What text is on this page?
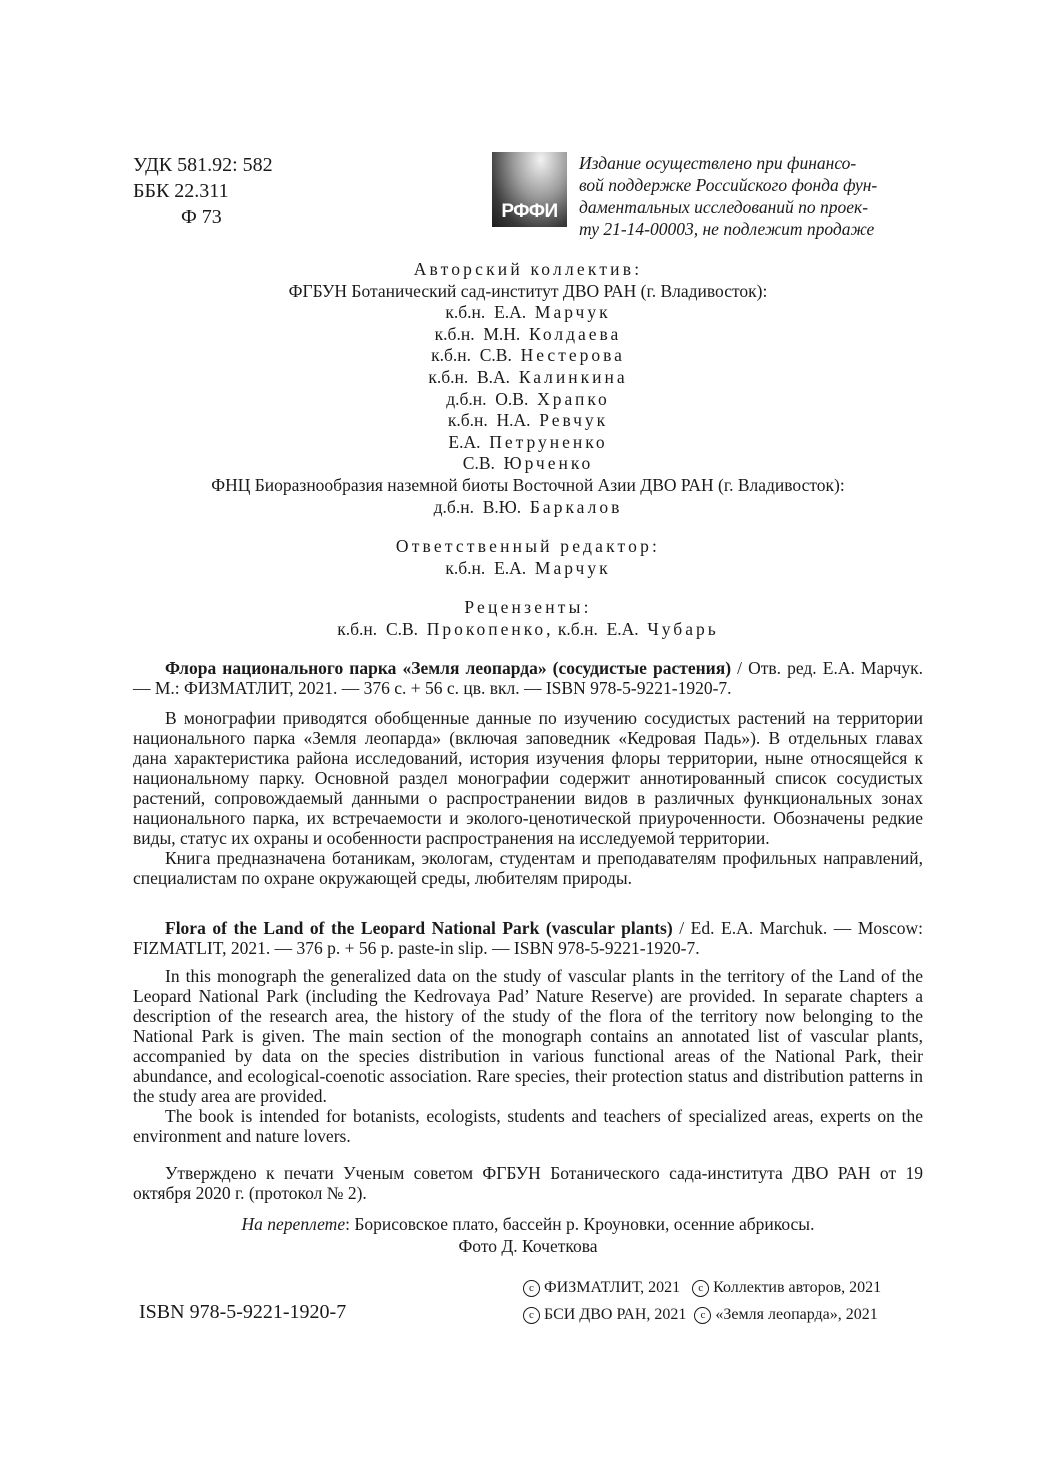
УДК 581.92: 582
ББК 22.311
Ф 73	РФФИ
Издание осуществлено при финансо-
вой поддержке Российского фонда фун-
даментальных исследований по проек-
ту 21-14-00003, не подлежит продаже
Авторский коллектив:
ФГБУН Ботанический сад-институт ДВО РАН (г. Владивосток):
к.б.н. Е.А. Марчук
к.б.н. М.Н. Колдаева
к.б.н. С.В. Нестерова
к.б.н. В.А. Калинкина
д.б.н. О.В. Храпко
к.б.н. Н.А. Ревчук
Е.А. Петруненко
С.В. Юрченко
ФНЦ Биоразнообразия наземной биоты Восточной Азии ДВО РАН (г. Владивосток):
д.б.н. В.Ю. Баркалов
Ответственный редактор:
к.б.н. Е.А. Марчук
Рецензенты:
к.б.н. С.В. Прокопенко, к.б.н. Е.А. Чубарь

Флора национального парка «Земля леопарда» (сосудистые растения) / Отв. ред. Е.А. Марчук. — М.: ФИЗМАТЛИТ, 2021. — 376 с. + 56 с. цв. вкл. — ISBN 978-5-9221-1920-7.

В монографии приводятся обобщенные данные по изучению сосудистых растений на территории национального парка «Земля леопарда» (включая заповедник «Кедровая Падь»). В отдельных главах дана характеристика района исследований, история изучения флоры территории, ныне относящейся к национальному парку. Основной раздел монографии содержит аннотированный список сосудистых растений, сопровождаемый данными о распространении видов в различных функциональных зонах национального парка, их встречаемости и эколого-ценотической приуроченности. Обозначены редкие виды, статус их охраны и особенности распространения на исследуемой территории.

Книга предназначена ботаникам, экологам, студентам и преподавателям профильных направлений, специалистам по охране окружающей среды, любителям природы.

Flora of the Land of the Leopard National Park (vascular plants) / Ed. E.A. Marchuk. — Moscow: FIZMATLIT, 2021. — 376 p. + 56 p. paste-in slip. — ISBN 978-5-9221-1920-7.

In this monograph the generalized data on the study of vascular plants in the territory of the Land of the Leopard National Park (including the Kedrovaya Pad’ Nature Reserve) are provided. In separate chapters a description of the research area, the history of the study of the flora of the territory now belonging to the National Park is given. The main section of the monograph contains an annotated list of vascular plants, accompanied by data on the species distribution in various functional areas of the National Park, their abundance, and ecological-coenotic association. Rare species, their protection status and distribution patterns in the study area are provided.

The book is intended for botanists, ecologists, students and teachers of specialized areas, experts on the environment and nature lovers.

Утверждено к печати Ученым советом ФГБУН Ботанического сада-института ДВО РАН от 19 октября 2020 г. (протокол № 2).

На переплете: Борисовское плато, бассейн р. Кроуновки, осенние абрикосы.
Фото Д. Кочеткова
ISBN 978-5-9221-1920-7
c ФИЗМАТЛИТ, 2021 c Коллектив авторов, 2021
c БСИ ДВО РАН, 2021 c «Земля леопарда», 2021
